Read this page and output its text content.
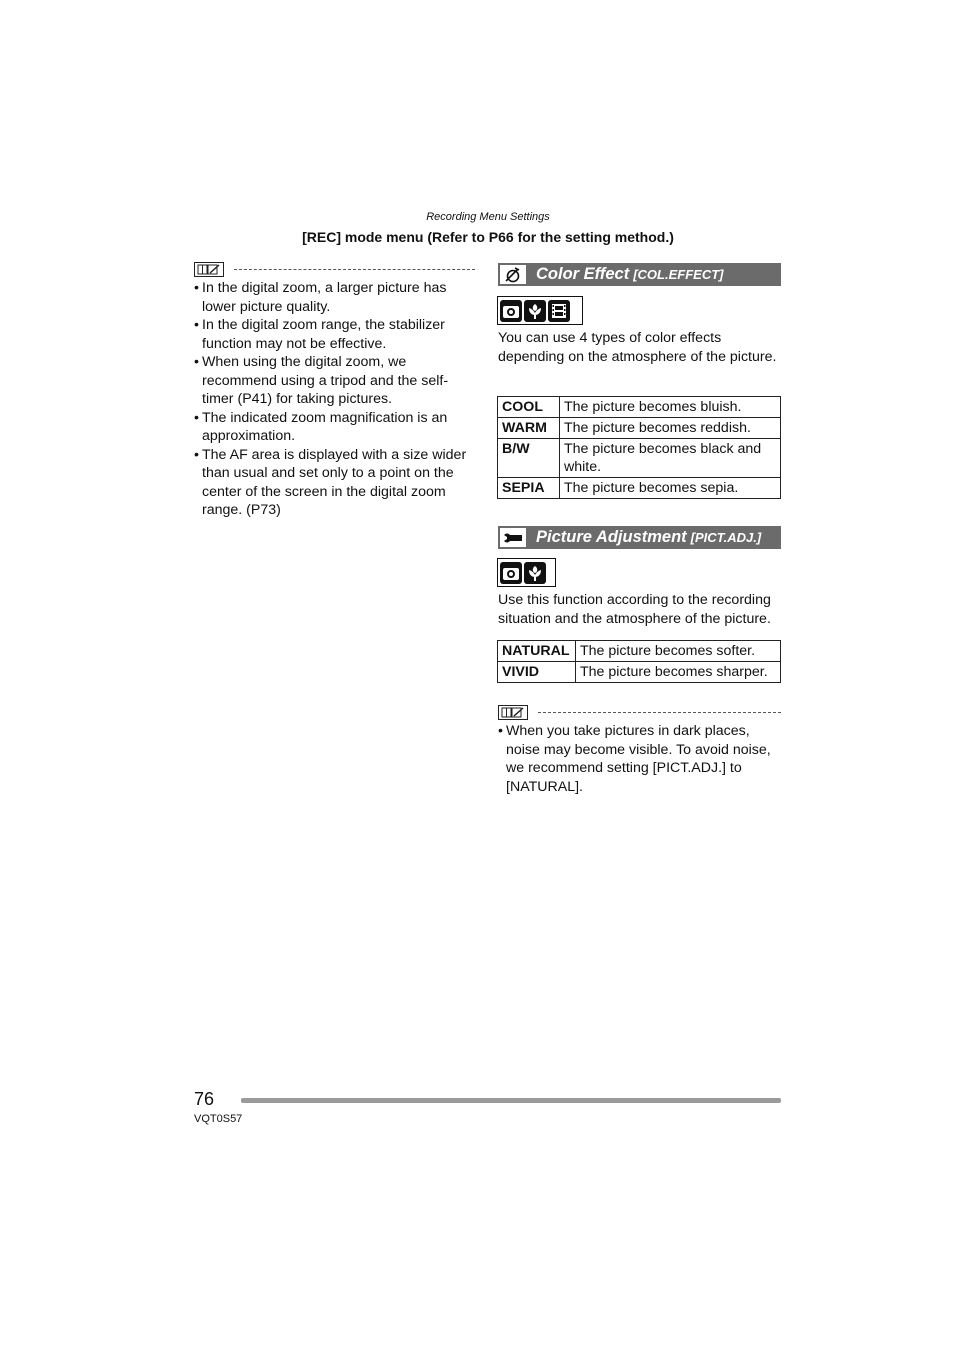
Recording Menu Settings
[REC] mode menu (Refer to P66 for the setting method.)
• In the digital zoom, a larger picture has lower picture quality.
• In the digital zoom range, the stabilizer function may not be effective.
• When using the digital zoom, we recommend using a tripod and the self-timer (P41) for taking pictures.
• The indicated zoom magnification is an approximation.
• The AF area is displayed with a size wider than usual and set only to a point on the center of the screen in the digital zoom range. (P73)
Color Effect [COL.EFFECT]
You can use 4 types of color effects depending on the atmosphere of the picture.
COOL	The picture becomes bluish.
WARM	The picture becomes reddish.
B/W	The picture becomes black and white.
SEPIA	The picture becomes sepia.
Picture Adjustment [PICT.ADJ.]
Use this function according to the recording situation and the atmosphere of the picture.
NATURAL	The picture becomes softer.
VIVID	The picture becomes sharper.
• When you take pictures in dark places, noise may become visible. To avoid noise, we recommend setting [PICT.ADJ.] to [NATURAL].
76
VQT0S57
